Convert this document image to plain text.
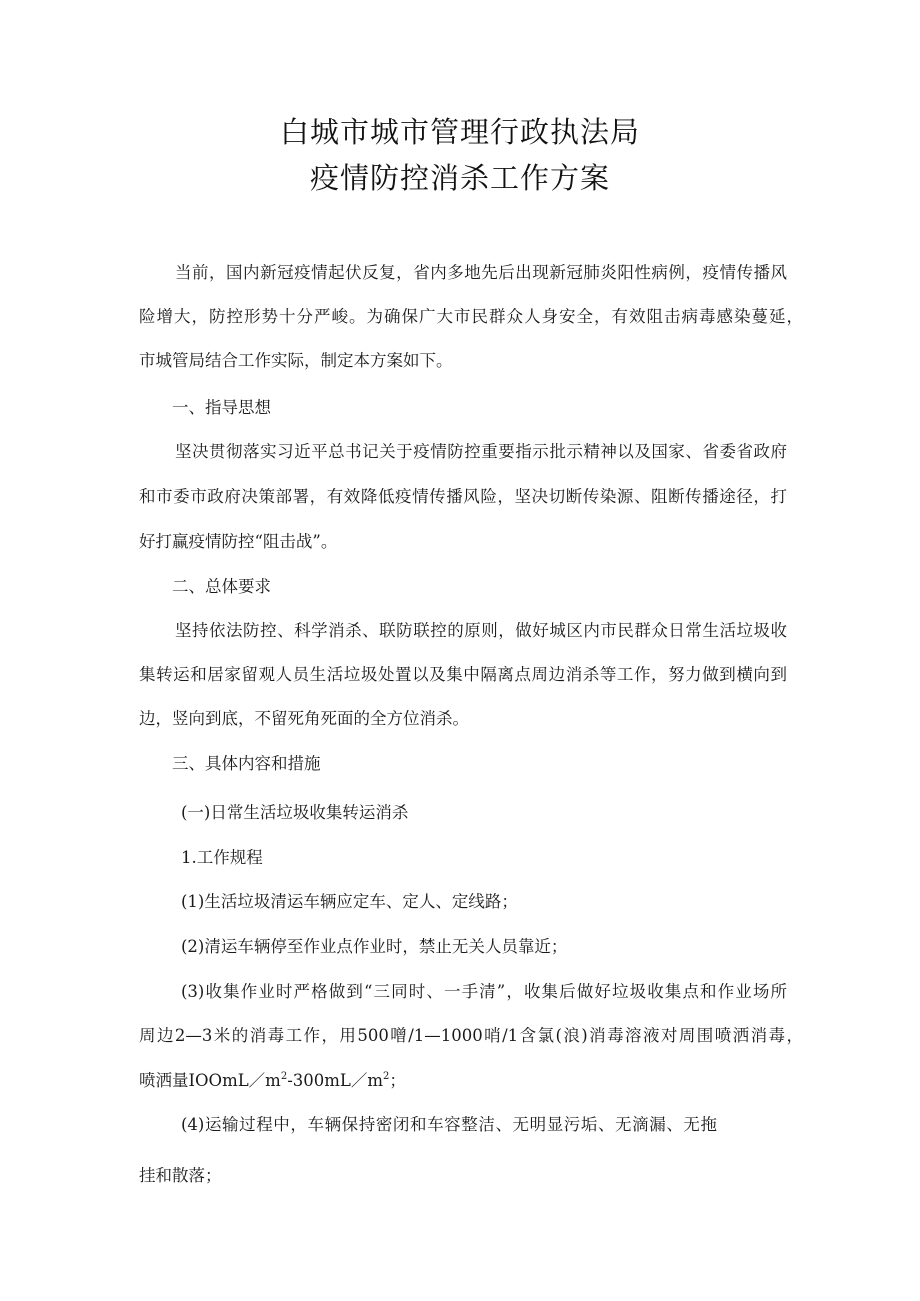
白城市城市管理行政执法局
疫情防控消杀工作方案
当前，国内新冠疫情起伏反复，省内多地先后出现新冠肺炎阳性病例，疫情传播风
险增大，防控形势十分严峻。为确保广大市民群众人身安全，有效阻击病毒感染蔓延，
市城管局结合工作实际，制定本方案如下。
一、指导思想
坚决贯彻落实习近平总书记关于疫情防控重要指示批示精神以及国家、省委省政府
和市委市政府决策部署，有效降低疫情传播风险，坚决切断传染源、阻断传播途径，打
好打赢疫情防控“阻击战”。
二、总体要求
坚持依法防控、科学消杀、联防联控的原则，做好城区内市民群众日常生活垃圾收
集转运和居家留观人员生活垃圾处置以及集中隔离点周边消杀等工作，努力做到横向到
边，竖向到底，不留死角死面的全方位消杀。
三、具体内容和措施
(一)日常生活垃圾收集转运消杀
1.工作规程
(1)生活垃圾清运车辆应定车、定人、定线路；
(2)清运车辆停至作业点作业时，禁止无关人员靠近；
(3)收集作业时严格做到“三同时、一手清”，收集后做好垃圾收集点和作业场所
周边2—3米的消毒工作，用500噌/1—1000哨/1含氯(浪)消毒溶液对周围喷洒消毒，
喷洒量$IOOmL/m^2-300mL/m^2$；
(4)运输过程中，车辆保持密闭和车容整洁、无明显污垢、无滴漏、无拖
挂和散落；
